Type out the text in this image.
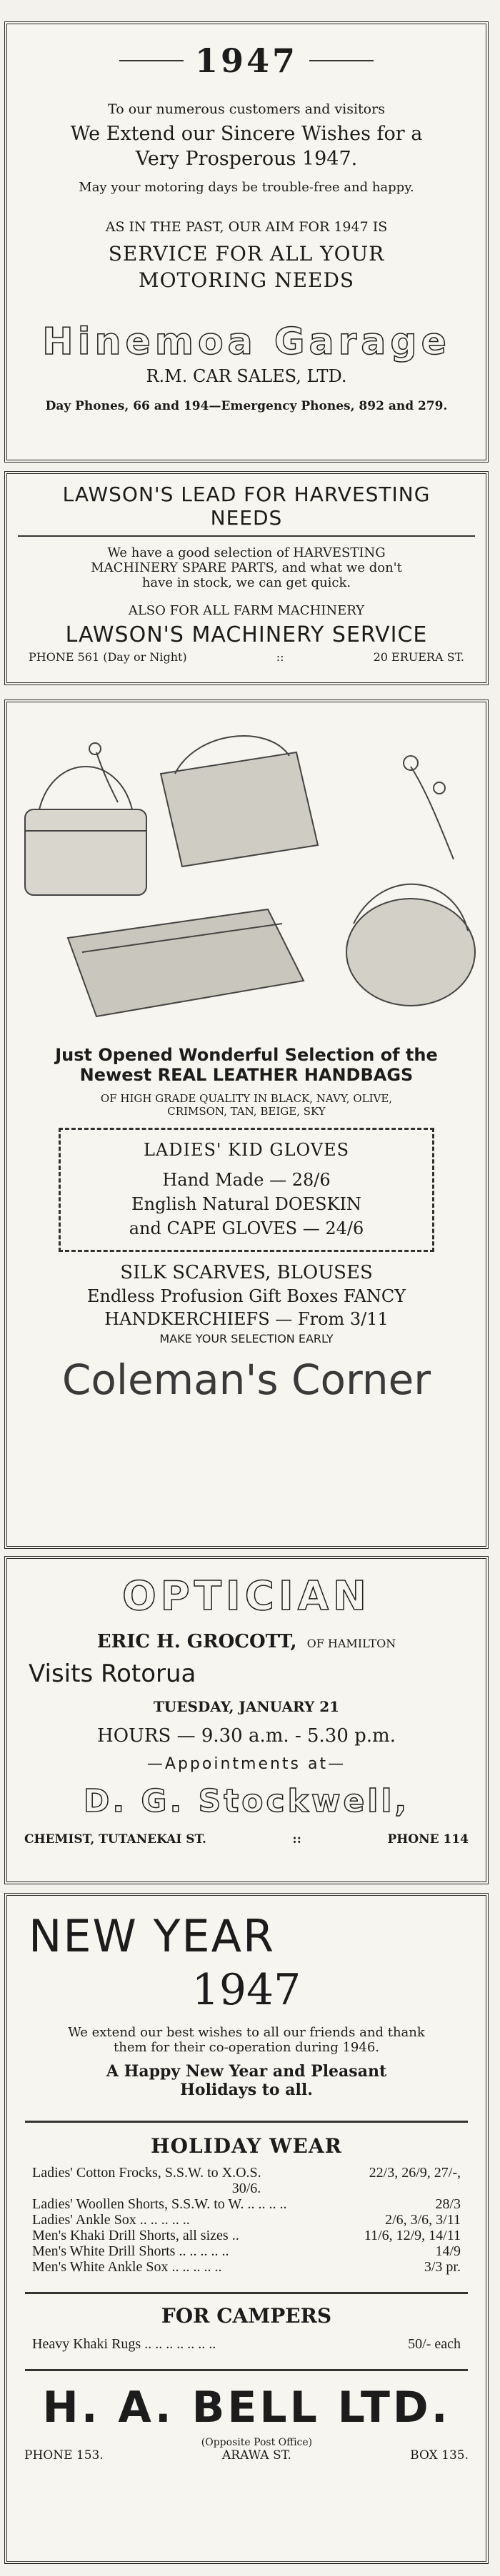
1947
To our numerous customers and visitors
We Extend our Sincere Wishes for a
Very Prosperous 1947.
May your motoring days be trouble-free and happy.
AS IN THE PAST, OUR AIM FOR 1947 IS
SERVICE FOR ALL YOUR
MOTORING NEEDS
Hinemoa Garage
R.M. CAR SALES, LTD.
Day Phones, 66 and 194—Emergency Phones, 892 and 279.
LAWSON'S LEAD FOR HARVESTING
NEEDS
We have a good selection of HARVESTING
MACHINERY SPARE PARTS, and what we don't
have in stock, we can get quick.
ALSO FOR ALL FARM MACHINERY
LAWSON'S MACHINERY SERVICE
PHONE 561 (Day or Night)	::	20 ERUERA ST.
Just Opened Wonderful Selection of the
Newest REAL LEATHER HANDBAGS
OF HIGH GRADE QUALITY IN BLACK, NAVY, OLIVE,
CRIMSON, TAN, BEIGE, SKY
LADIES' KID GLOVES
Hand Made — 28/6
English Natural DOESKIN
and CAPE GLOVES — 24/6
SILK SCARVES, BLOUSES
Endless Profusion Gift Boxes FANCY
HANDKERCHIEFS — From 3/11
MAKE YOUR SELECTION EARLY
Coleman's Corner
OPTICIAN
ERIC H. GROCOTT, OF HAMILTON
Visits Rotorua
TUESDAY, JANUARY 21
HOURS — 9.30 a.m. - 5.30 p.m.
—Appointments at—
D. G. Stockwell,
CHEMIST, TUTANEKAI ST.	::	PHONE 114
NEW YEAR
1947
We extend our best wishes to all our friends and thank
them for their co-operation during 1946.
A Happy New Year and Pleasant
Holidays to all.
HOLIDAY WEAR
Ladies' Cotton Frocks, S.S.W. to X.O.S.	22/3, 26/9, 27/-,
30/6.
Ladies' Woollen Shorts, S.S.W. to W. .. .. .. ..	28/3
Ladies' Ankle Sox .. .. .. .. ..	2/6, 3/6, 3/11
Men's Khaki Drill Shorts, all sizes ..	11/6, 12/9, 14/11
Men's White Drill Shorts .. .. .. .. ..	14/9
Men's White Ankle Sox .. .. .. .. ..	3/3 pr.
FOR CAMPERS
Heavy Khaki Rugs .. .. .. .. .. .. ..	50/- each
H. A. BELL LTD.
PHONE 153.
(Opposite Post Office)
ARAWA ST.	BOX 135.
